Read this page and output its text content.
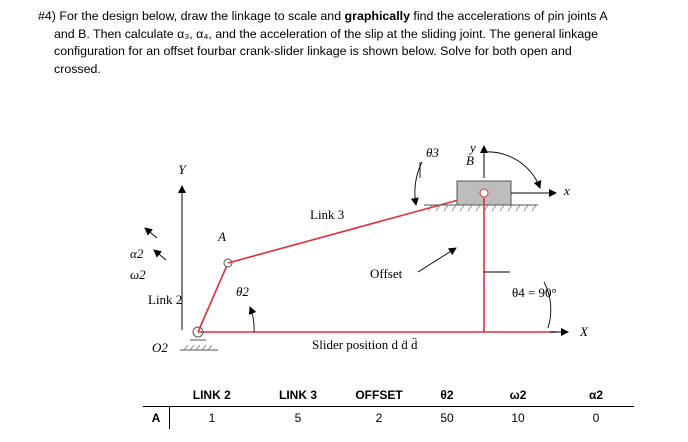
#4) For the design below, draw the linkage to scale and graphically find the accelerations of pin joints A

and B. Then calculate α₃, α₄, and the acceleration of the slip at the sliding joint. The general linkage

configuration for an offset fourbar crank-slider linkage is shown below. Solve for both open and

crossed.

Y
X
O2
A
Link 2
θ2
α2
ω2
Link 3
θ3
B
y
x
Offset
θ4 = 90°
Slider position d ḋ d̈
	LINK 2	LINK 3	OFFSET	θ2	ω2	α2
A	1	5	2	50	10	0
